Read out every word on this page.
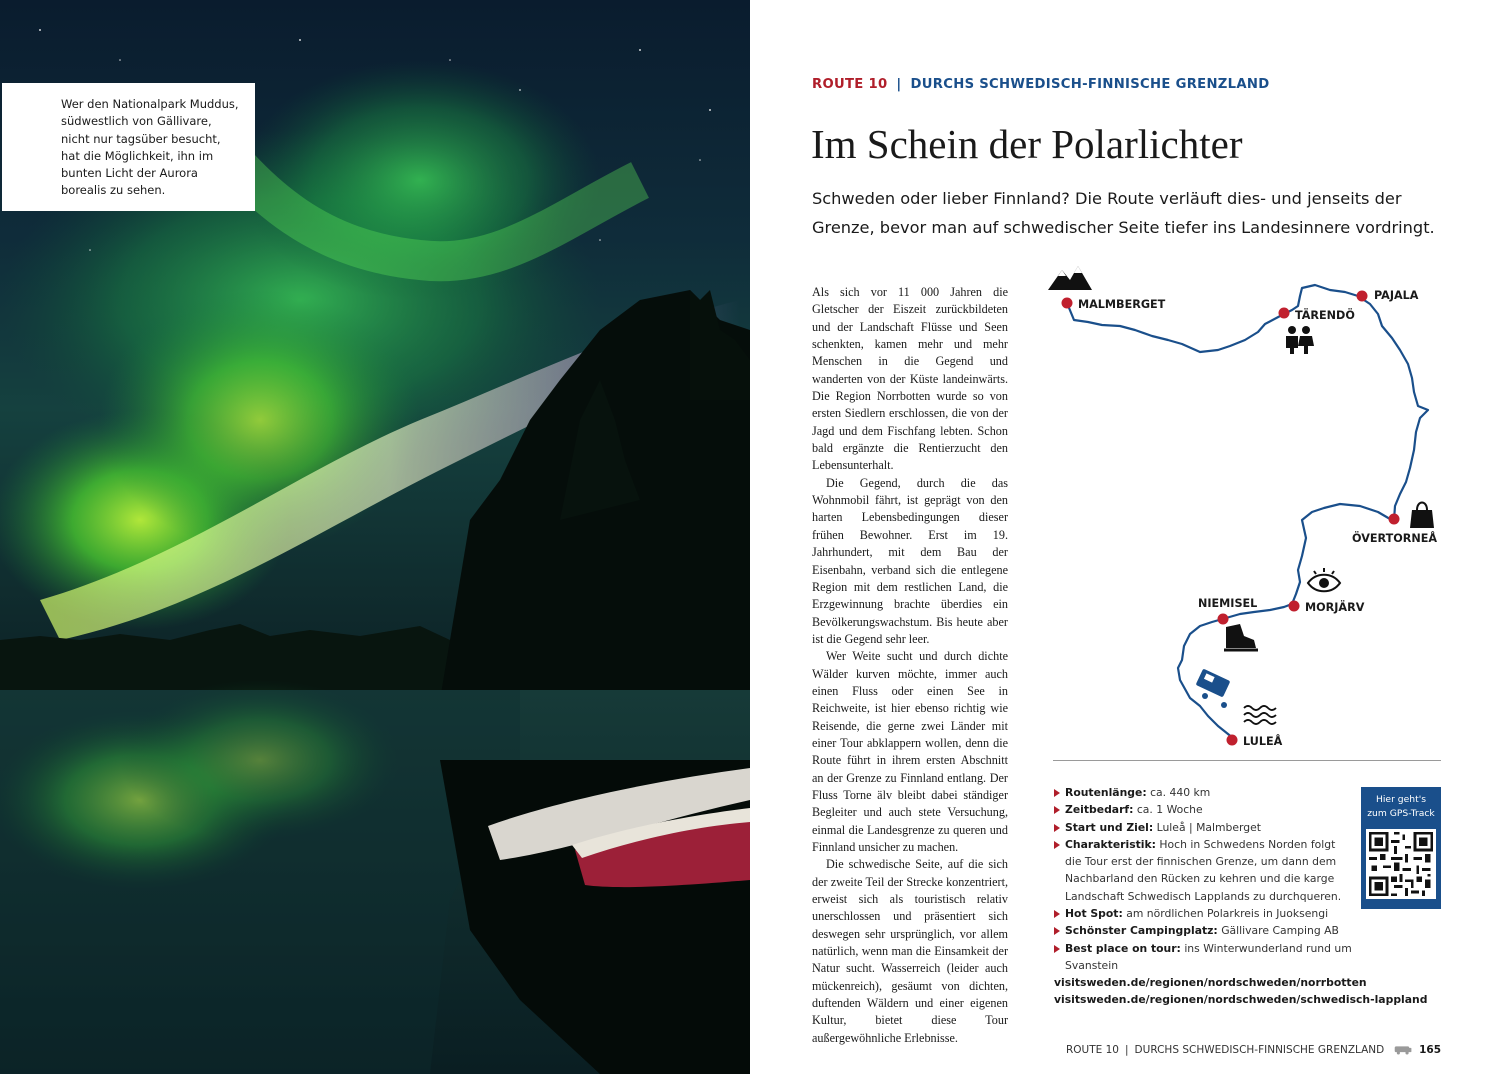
Wer den Nationalpark Muddus, südwestlich von Gällivare, nicht nur tagsüber besucht, hat die Möglichkeit, ihn im bunten Licht der Aurora borealis zu sehen.
ROUTE 10 | DURCHS SCHWEDISCH-FINNISCHE GRENZLAND
Im Schein der Polarlichter

Schweden oder lieber Finnland? Die Route verläuft dies- und jenseits der Grenze, bevor man auf schwedischer Seite tiefer ins Landesinnere vordringt.

Als sich vor 11 000 Jahren die Gletscher der Eiszeit zurückbildeten und der Landschaft Flüsse und Seen schenkten, kamen mehr und mehr Menschen in die Gegend und wanderten von der Küste landeinwärts. Die Region Norrbotten wurde so von ersten Siedlern erschlossen, die von der Jagd und dem Fischfang lebten. Schon bald ergänzte die Rentierzucht den Lebensunterhalt.

Die Gegend, durch die das Wohnmobil fährt, ist geprägt von den harten Lebensbedingungen dieser frühen Bewohner. Erst im 19. Jahrhundert, mit dem Bau der Eisenbahn, verband sich die entlegene Region mit dem restlichen Land, die Erzgewinnung brachte überdies ein Bevölkerungswachstum. Bis heute aber ist die Gegend sehr leer.

Wer Weite sucht und durch dichte Wälder kurven möchte, immer auch einen Fluss oder einen See in Reichweite, ist hier ebenso richtig wie Reisende, die gerne zwei Länder mit einer Tour abklappern wollen, denn die Route führt in ihrem ersten Abschnitt an der Grenze zu Finnland entlang. Der Fluss Torne älv bleibt dabei ständiger Begleiter und auch stete Versuchung, einmal die Landesgrenze zu queren und Finnland unsicher zu machen.

Die schwedische Seite, auf die sich der zweite Teil der Strecke konzentriert, erweist sich als touristisch relativ unerschlossen und präsentiert sich deswegen sehr ursprünglich, vor allem natürlich, wenn man die Einsamkeit der Natur sucht. Wasserreich (leider auch mückenreich), gesäumt von dichten, duftenden Wäldern und einer eigenen Kultur, bietet diese Tour außergewöhnliche Erlebnisse.

MALMBERGET
TÄRENDÖ
PAJALA
ÖVERTORNEÅ
NIEMISEL	MORJÄRV
LULEÅ
Routenlänge: ca. 440 km
Zeitbedarf: ca. 1 Woche
Start und Ziel: Luleå | Malmberget
Charakteristik: Hoch in Schwedens Norden folgt die Tour erst der finnischen Grenze, um dann dem Nachbarland den Rücken zu kehren und die karge Landschaft Schwedisch Lapplands zu durchqueren.
Hot Spot: am nördlichen Polarkreis in Juoksengi
Schönster Campingplatz: Gällivare Camping AB
Best place on tour: ins Winterwunderland rund um Svanstein
Hier geht's
zum GPS-Track
visitsweden.de/regionen/nordschweden/norrbotten
visitsweden.de/regionen/nordschweden/schwedisch-lappland
ROUTE 10 | DURCHS SCHWEDISCH-FINNISCHE GRENZLAND	165
